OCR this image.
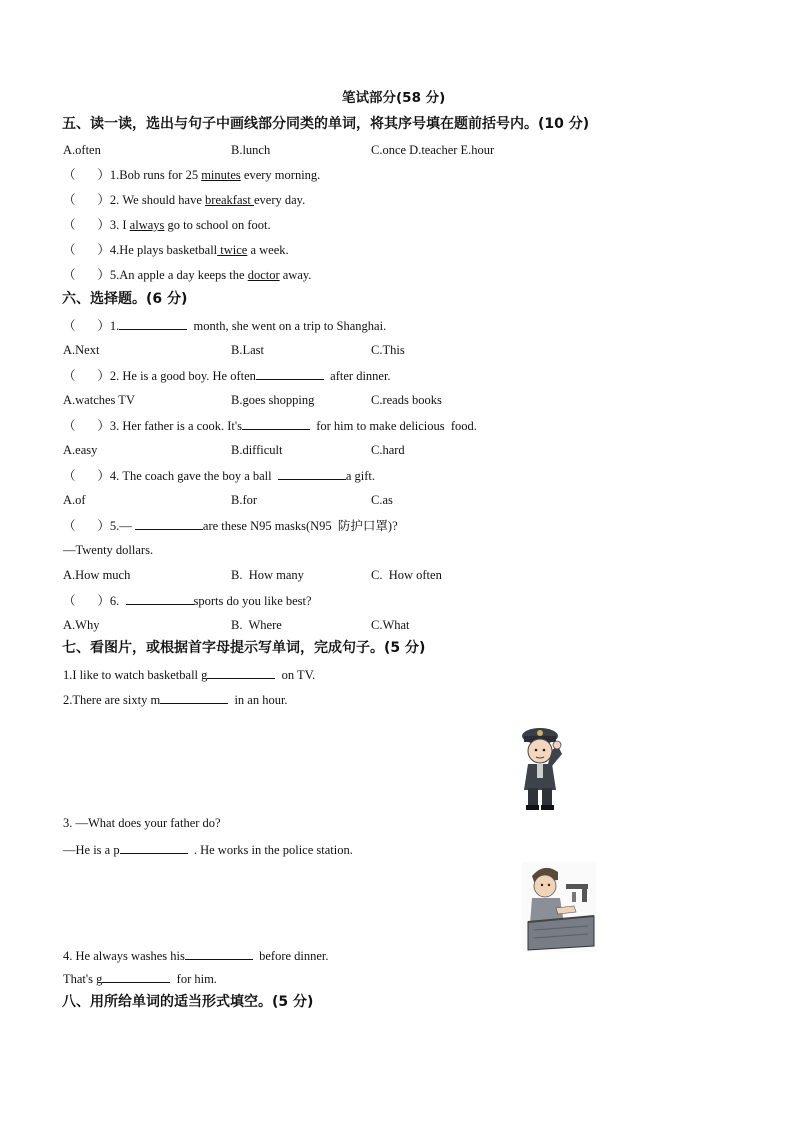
笔试部分(58 分)
五、读一读，选出与句子中画线部分同类的单词，将其序号填在题前括号内。(10 分)
A.often	B.lunch	C.once D.teacher E.hour
（       ）1.Bob runs for 25 minutes every morning.
（       ）2. We should have breakfast every day.
（       ）3. I always go to school on foot.
（       ）4.He plays basketball twice a week.
（       ）5.An apple a day keeps the doctor away.
六、选择题。(6 分)
（       ）1.	month, she went on a trip to Shanghai.
A.Next	B.Last	C.This
（       ）2. He is a good boy. He often	after dinner.
A.watches TV	B.goes shopping	C.reads books
（       ）3. Her father is a cook. It's	for him to make delicious  food.
A.easy	B.difficult	C.hard
（       ）4. The coach gave the boy a ball	a gift.
A.of	B.for	C.as
（       ）5.—	are these N95 masks(N95  防护口罩)?
—Twenty dollars.
A.How much	B.  How many	C.  How often
（       ）6.	sports do you like best?
A.Why	B.  Where	C.What
七、看图片，或根据首字母提示写单词，完成句子。(5 分)
1.I like to watch basketball g	on TV.
2.There are sixty m	in an hour.
3. —What does your father do?
—He is a p	. He works in the police station.
4. He always washes his	before dinner.
That's g	for him.
八、用所给单词的适当形式填空。(5 分)
